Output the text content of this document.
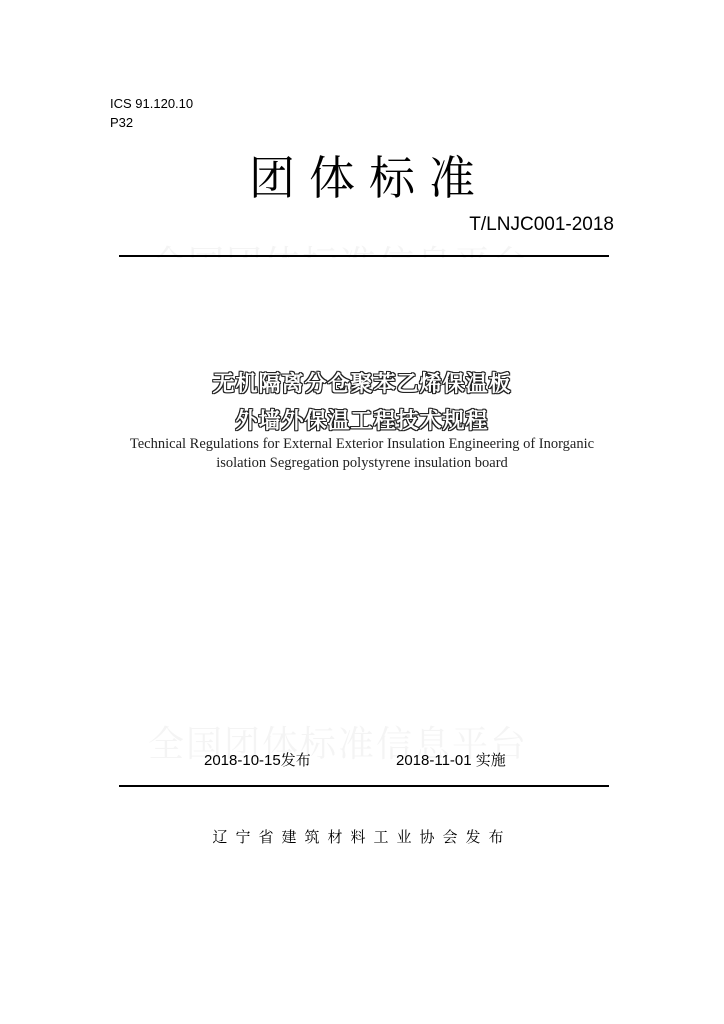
ICS 91.120.10
P32
团体标准
T/LNJC001-2018
无机隔离分仓聚苯乙烯保温板
外墙外保温工程技术规程
Technical Regulations for External Exterior Insulation Engineering of Inorganic
isolation Segregation polystyrene insulation board
2018-10-15发布	2018-11-01 实施
辽宁省建筑材料工业协会发布
